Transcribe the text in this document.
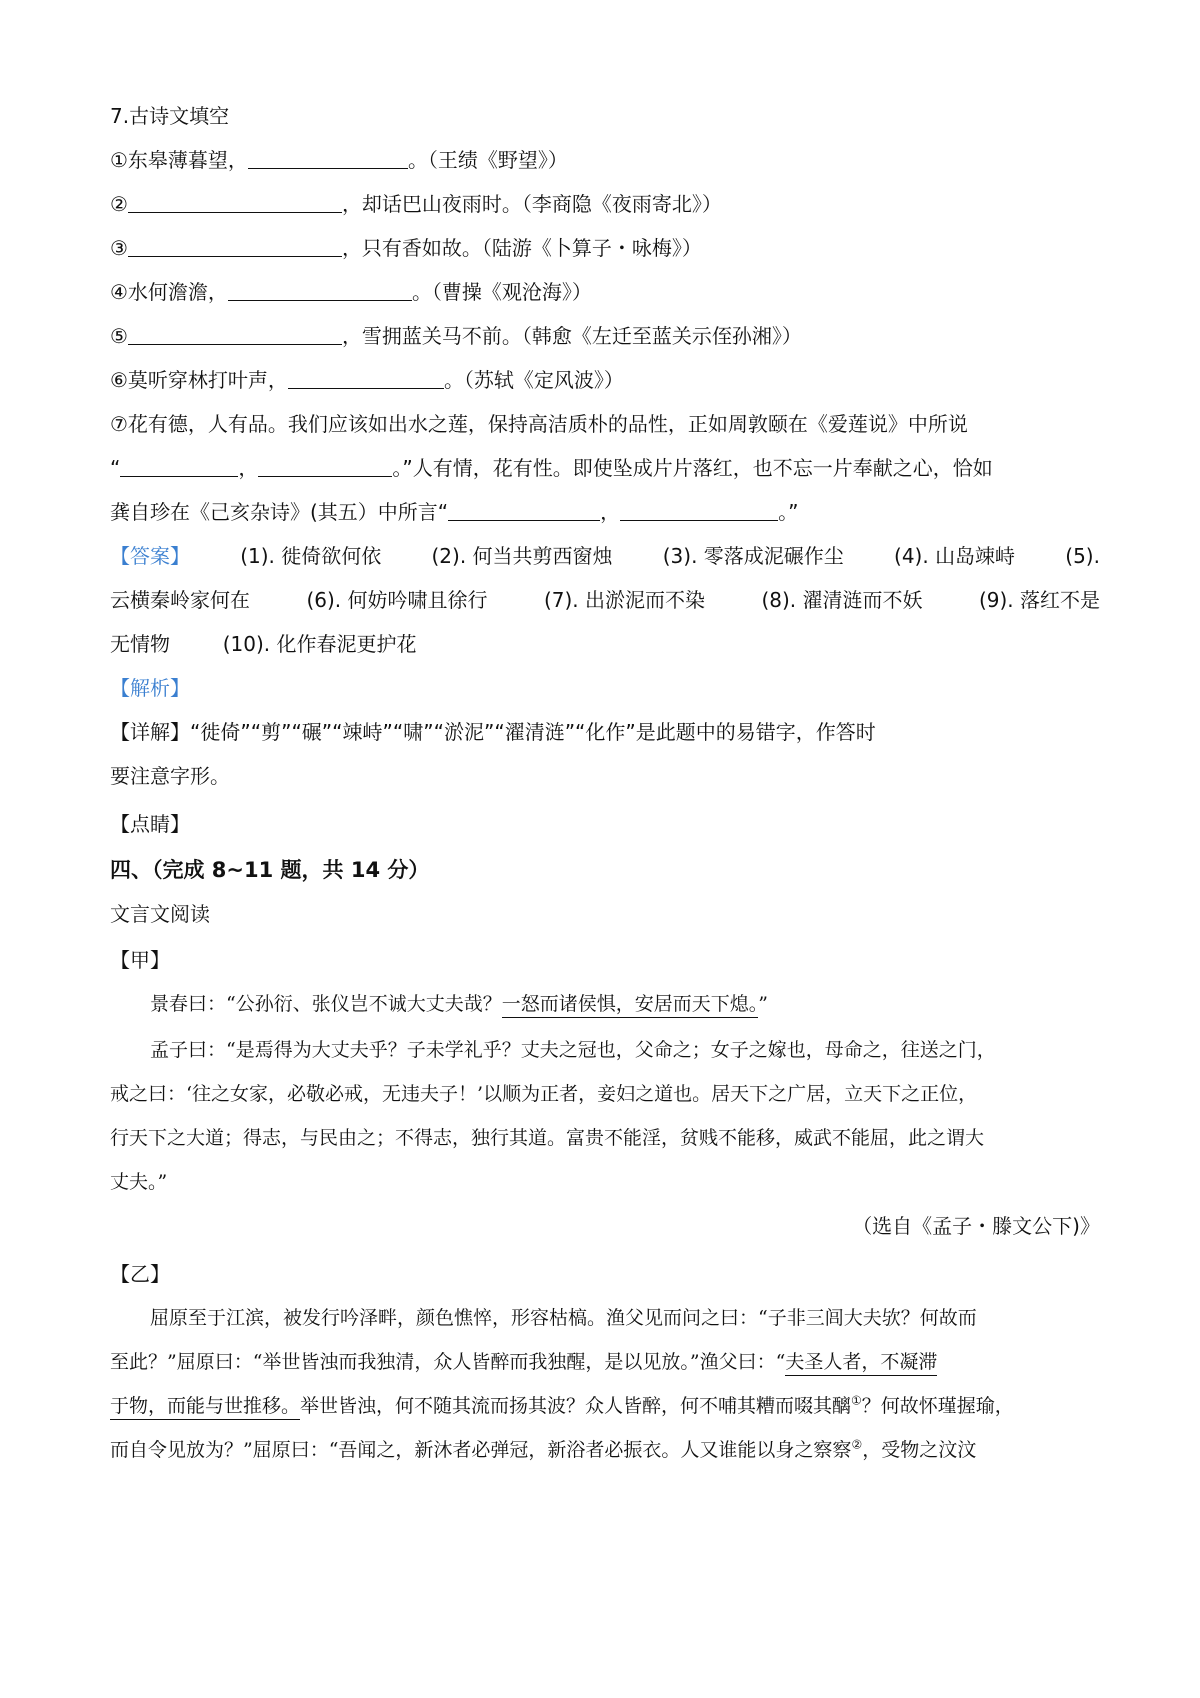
7.古诗文填空
①东皋薄暮望，	。（王绩《野望》）
②	，却话巴山夜雨时。（李商隐《夜雨寄北》）
③	，只有香如故。（陆游《卜算子・咏梅》）
④水何澹澹，	。（曹操《观沧海》）
⑤	，雪拥蓝关马不前。（韩愈《左迁至蓝关示侄孙湘》）
⑥莫听穿林打叶声，	。（苏轼《定风波》）
⑦花有德，人有品。我们应该如出水之莲，保持高洁质朴的品性，正如周敦颐在《爱莲说》中所说
“	，	。”人有情，花有性。即使坠成片片落红，也不忘一片奉献之心，恰如
龚自珍在《己亥杂诗》(其五）中所言“	，	。”
【答案】	(1). 徙倚欲何依	(2). 何当共剪西窗烛	(3). 零落成泥碾作尘	(4). 山岛竦峙	(5).
云横秦岭家何在	(6). 何妨吟啸且徐行	(7). 出淤泥而不染	(8). 濯清涟而不妖	(9). 落红不是
无情物	(10). 化作春泥更护花
【解析】
【详解】“徙倚”“剪”“碾”“竦峙”“啸”“淤泥”“濯清涟”“化作”是此题中的易错字，作答时
要注意字形。
【点睛】
四、（完成 8~11 题，共 14 分）
文言文阅读
【甲】
景春曰：“公孙衍、张仪岂不诚大丈夫哉？一怒而诸侯惧，安居而天下熄。”
孟子曰：“是焉得为大丈夫乎？子未学礼乎？丈夫之冠也，父命之；女子之嫁也，母命之，往送之门，
戒之曰：‘往之女家，必敬必戒，无违夫子！’以顺为正者，妾妇之道也。居天下之广居，立天下之正位，
行天下之大道；得志，与民由之；不得志，独行其道。富贵不能淫，贫贱不能移，威武不能屈，此之谓大
丈夫。”
（选自《孟子・滕文公下)》
【乙】
屈原至于江滨，被发行吟泽畔，颜色憔悴，形容枯槁。渔父见而问之曰：“子非三闾大夫欤？何故而
至此？”屈原曰：“举世皆浊而我独清，众人皆醉而我独醒，是以见放。”渔父曰：“夫圣人者，不凝滞
于物，而能与世推移。举世皆浊，何不随其流而扬其波？众人皆醉，何不哺其糟而啜其醨①？何故怀瑾握瑜，
而自令见放为？”屈原曰：“吾闻之，新沐者必弹冠，新浴者必振衣。人又谁能以身之察察②，受物之汶汶
